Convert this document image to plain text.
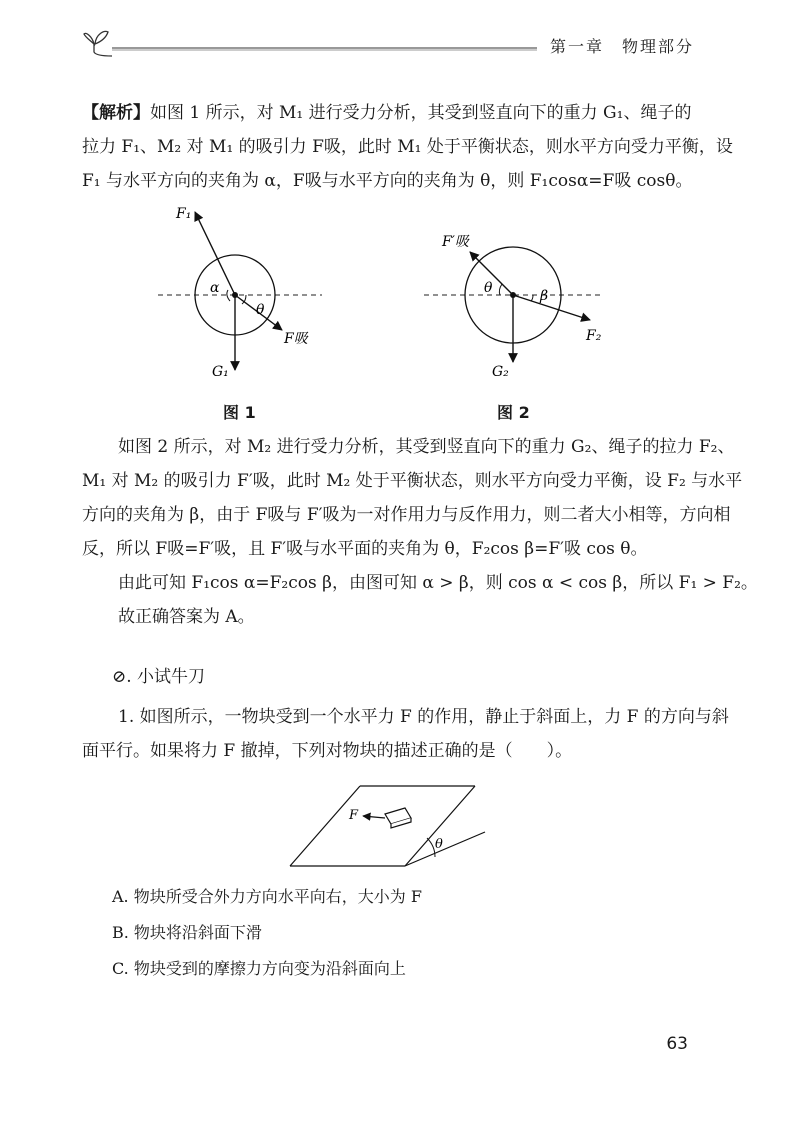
第一章　 物理部分
【解析】如图 1 所示，对 M₁ 进行受力分析，其受到竖直向下的重力 G₁、绳子的
拉力 F₁、M₂ 对 M₁ 的吸引力 F吸，此时 M₁ 处于平衡状态，则水平方向受力平衡，设
F₁ 与水平方向的夹角为 α，F吸与水平方向的夹角为 θ，则 F₁cosα=F吸 cosθ。
F₁
α
θ
F吸
G₁
图 1
F′吸
θ	β
F₂
G₂
图 2
如图 2 所示，对 M₂ 进行受力分析，其受到竖直向下的重力 G₂、绳子的拉力 F₂、
M₁ 对 M₂ 的吸引力 F′吸，此时 M₂ 处于平衡状态，则水平方向受力平衡，设 F₂ 与水平
方向的夹角为 β，由于 F吸与 F′吸为一对作用力与反作用力，则二者大小相等，方向相
反，所以 F吸=F′吸，且 F′吸与水平面的夹角为 θ，F₂cos β=F′吸 cos θ。
由此可知 F₁cos α=F₂cos β，由图可知 α > β，则 cos α < cos β，所以 F₁ > F₂。
故正确答案为 A。
⊘. 小试牛刀
1. 如图所示，一物块受到一个水平力 F 的作用，静止于斜面上，力 F 的方向与斜
面平行。如果将力 F 撤掉，下列对物块的描述正确的是（　　）。
F
θ
A. 物块所受合外力方向水平向右，大小为 F
B. 物块将沿斜面下滑
C. 物块受到的摩擦力方向变为沿斜面向上
63
